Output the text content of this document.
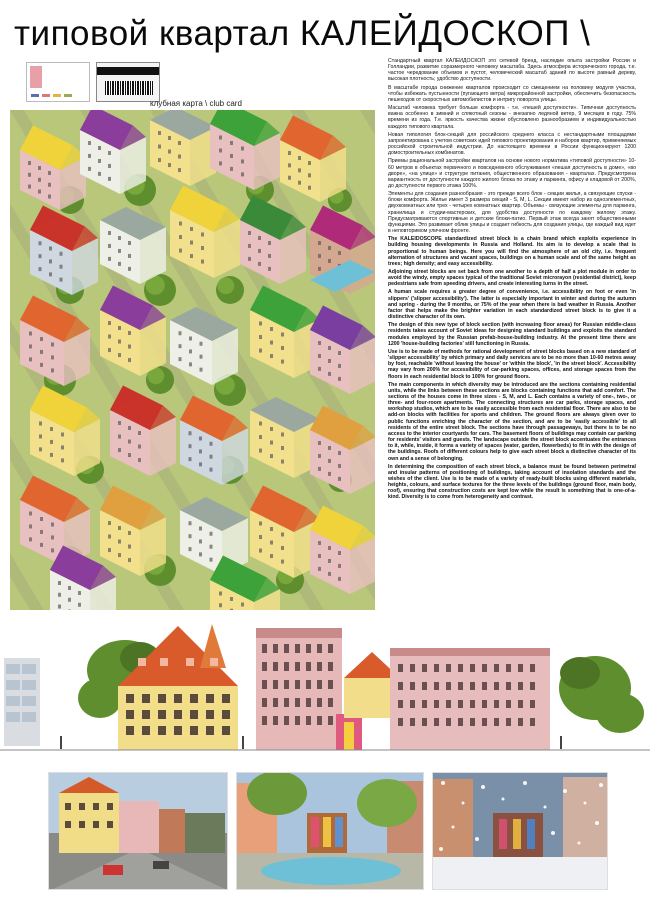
типовой квартал КАЛЕЙДОСКОП \
клубная карта \ club card

Стандартный квартал КАЛЕЙДОСКОП это сетевой бренд, наследие опыта застройки России и Голландии, развитие соразмерного человеку масштаба. Здесь атмосфера исторического города, т.е. частое чередование объемов и пустот, человеческий масштаб зданий по высоте равный дереву, высокая плотность; удобство доступности.

В масштабе города снижение кварталов происходит со смещением на половину модуля участка, чтобы избежать пустынности (пугающего ветра) микрорайонной застройки, обеспечить безопасность пешеходов от скоростных автомобилистов и интригу поворота улицы.

Масштаб человека требует больше комфорта - т.е. «пешей доступности». Типичная доступность важна особенно в зимний и слякотный сезоны - внезапно ледяной ветер, 9 месяцев в году. 75% времени из года. Т.е. яркость качества жизни обусловлено разнообразием и индивидуальностью каждого типового квартала.

Новая типология блок-секций для российского среднего класса с нестандартными площадями запроектирована с учетом советских идей типового проектирования и наборов квартир, применяемых российской строительной индустрии. До настоящего времени в России функционируют 1200 домостроительных комбинатов.

Приемы рациональной застройки кварталов на основе нового норматива «типовой доступности» 10-60 метров в объектах первичного и повседневного обслуживания «пешая доступность в доме», «во дворе», «на улице» и структуре питания, общественного образования - кварталах. Предусмотрена вариантность от доступности каждого жилого блока по этажу и паркинга, офису и кладовой от 200%, до доступности первого этажа 100%.

Элементы для создания разнообразия - это прежде всего блок - секции жилья, а связующие спуски - блоки комфорта. Жилье имеет 3 размера секций - S, M, L. Секции имеют набор из одноэлементных, двухкомнатных или трех - четырех комнатных квартир. Объемы - связующие элементы для паркинга, хранилища и студии-мастерских, для удобства доступности по каждому жилому этажу. Предусматриваются спортивные и детские блоки-патио. Первый этаж всегда занят общественными функциями. Это развивает облик улицы и создает гибкость для создания улицы, где каждый вид идет в неповторимом уличном фронте.

The KALEIDOSCOPE standardized street block is a chain brand which exploits experience in building housing developments in Russia and Holland. Its aim is to develop a scale that is proportional to human beings. Here you will find the atmosphere of an old city, i.e. frequent alternation of structures and vacant spaces, buildings on a human scale and of the same height as trees; high density; and easy accessibility.

Adjoining street blocks are set back from one another to a depth of half a plot module in order to avoid the windy, empty spaces typical of the traditional Soviet microrayon (residential district), keep pedestrians safe from speeding drivers, and create interesting turns in the street.

A human scale requires a greater degree of convenience, i.e. accessibility on foot or even 'in slippers' ('slipper accessibility'). The latter is especially important in winter and during the autumn and spring - during the 9 months, or 75% of the year when there is bad weather in Russia. Another factor that helps make the brighter variation in each standardized street block is to give it a distinctive character of its own.

The design of this new type of block section (with increasing floor areas) for Russian middle-class residents takes account of Soviet ideas for designing standard buildings and exploits the standard modules employed by the Russian prefab-house-building industry. At the present time there are 1200 'house-building factories' still functioning in Russia.

Use is to be made of methods for rational development of street blocks based on a new standard of 'slipper accessibility' by which primary and daily services are to be no more than 10-60 metres away by foot, reachable 'without leaving the house' or 'within the block', 'in the street block'. Accessibility may vary from 200% for accessibility of car-parking spaces, offices, and storage spaces from the floors in each residential block to 100% for ground floors.

The main components in which diversity may be introduced are the sections containing residential units, while the links between these sections are blocks containing functions that add comfort. The sections of the houses come in three sizes - S, M, and L. Each contains a variety of one-, two-, or three- and four-room apartments. The connecting structures are car parks, storage spaces, and workshop studios, which are to be easily accessible from each residential floor. There are also to be add-on blocks with facilities for sports and children. The ground floors are always given over to public functions enriching the character of the section, and are to be 'easily accessible' to all residents of the entire street block. The sections have through passageways, but there is to be no access to the interior courtyards for cars. The basement floors of buildings may contain car parking for residents' visitors and guests. The landscape outside the street block accentuates the entrances to it, while, inside, it forms a variety of spaces (water, garden, flowerbeds) to fit in with the design of the buildings. Roofs of different colours help to give each street block a distinctive character of its own and a sense of belonging.

In determining the composition of each street block, a balance must be found between perimetral and insular patterns of positioning of buildings, taking account of insolation standards and the wishes of the client. Use is to be made of a variety of ready-built blocks using different materials, heights, colours, and surface textures for the three levels of the buildings (ground floor, main body, roof), ensuring that construction costs are kept low while the result is something that is one-of-a-kind. Diversity is to come from heterogeneity and contrast.
